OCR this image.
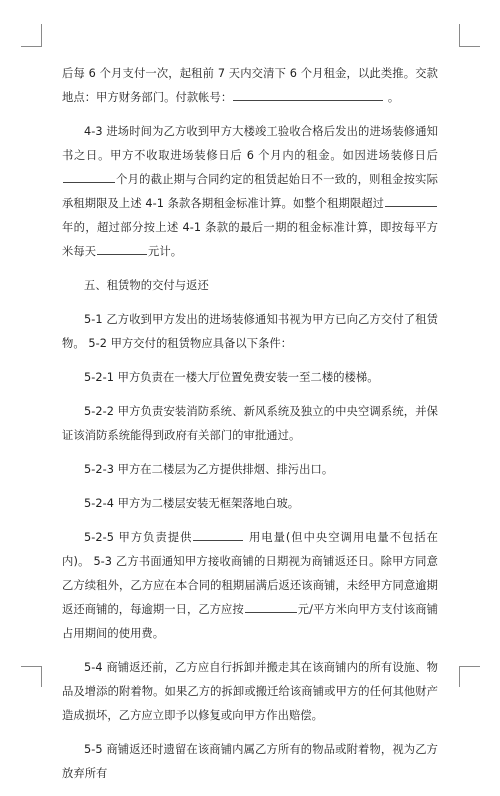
后每 6 个月支付一次，起租前 7 天内交清下 6 个月租金，以此类推。交款地点：甲方财务部门。付款帐号：	。

4-3 进场时间为乙方收到甲方大楼竣工验收合格后发出的进场装修通知书之日。甲方不收取进场装修日后 6 个月内的租金。如因进场装修日后个月的截止期与合同约定的租赁起始日不一致的，则租金按实际承租期限及上述 4-1 条款各期租金标准计算。如整个租期限超过年的，超过部分按上述 4-1 条款的最后一期的租金标准计算，即按每平方米每天	元计。

五、租赁物的交付与返还

5-1 乙方收到甲方发出的进场装修通知书视为甲方已向乙方交付了租赁物。 5-2 甲方交付的租赁物应具备以下条件：

5-2-1 甲方负责在一楼大厅位置免费安装一至二楼的楼梯。

5-2-2 甲方负责安装消防系统、新风系统及独立的中央空调系统，并保证该消防系统能得到政府有关部门的审批通过。

5-2-3 甲方在二楼层为乙方提供排烟、排污出口。

5-2-4 甲方为二楼层安装无框架落地白玻。

5-2-5 甲方负责提供	用电量(但中央空调用电量不包括在内)。 5-3 乙方书面通知甲方接收商铺的日期视为商铺返还日。除甲方同意乙方续租外，乙方应在本合同的租期届满后返还该商铺，未经甲方同意逾期返还商铺的，每逾期一日，乙方应按	元/平方米向甲方支付该商铺占用期间的使用费。

5-4 商铺返还前，乙方应自行拆卸并搬走其在该商铺内的所有设施、物品及增添的附着物。如果乙方的拆卸或搬迁给该商铺或甲方的任何其他财产造成损坏，乙方应立即予以修复或向甲方作出赔偿。

5-5 商铺返还时遗留在该商铺内属乙方所有的物品或附着物，视为乙方放弃所有
